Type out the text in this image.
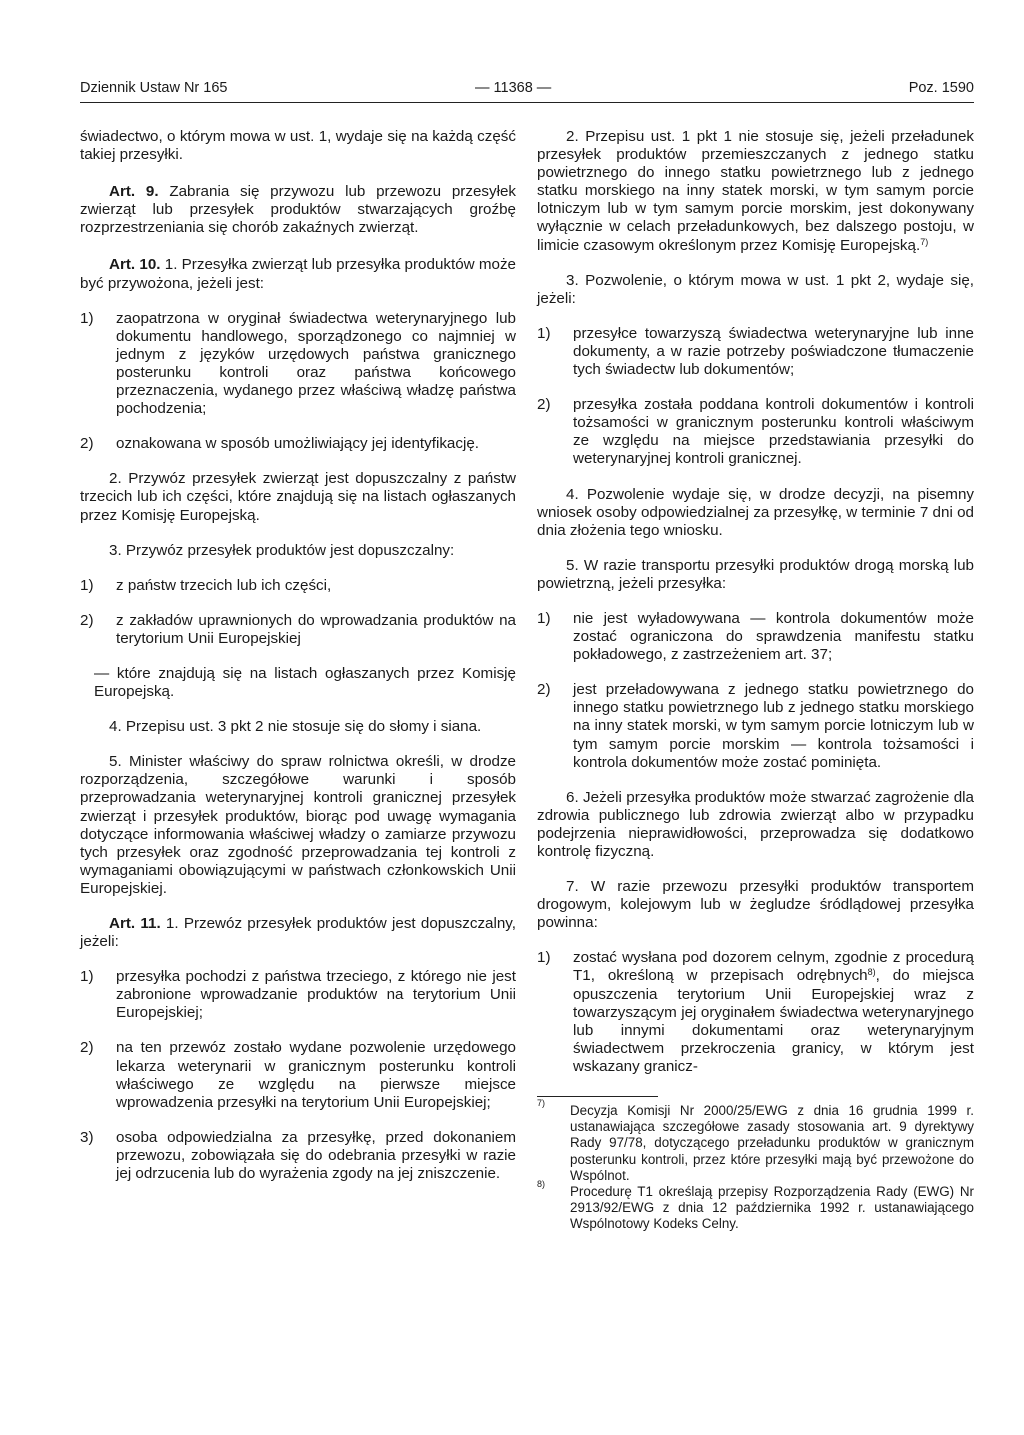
Dziennik Ustaw Nr 165	— 11368 —	Poz. 1590

świadectwo, o którym mowa w ust. 1, wydaje się na każdą część takiej przesyłki.

Art. 9. Zabrania się przywozu lub przewozu przesyłek zwierząt lub przesyłek produktów stwarzających groźbę rozprzestrzeniania się chorób zakaźnych zwierząt.

Art. 10. 1. Przesyłka zwierząt lub przesyłka produktów może być przywożona, jeżeli jest:

1) zaopatrzona w oryginał świadectwa weterynaryjnego lub dokumentu handlowego, sporządzonego co najmniej w jednym z języków urzędowych państwa granicznego posterunku kontroli oraz państwa końcowego przeznaczenia, wydanego przez właściwą władzę państwa pochodzenia;
2) oznakowana w sposób umożliwiający jej identyfikację.

2. Przywóz przesyłek zwierząt jest dopuszczalny z państw trzecich lub ich części, które znajdują się na listach ogłaszanych przez Komisję Europejską.

3. Przywóz przesyłek produktów jest dopuszczalny:

1) z państw trzecich lub ich części,
2) z zakładów uprawnionych do wprowadzania produktów na terytorium Unii Europejskiej

— które znajdują się na listach ogłaszanych przez Komisję Europejską.

4. Przepisu ust. 3 pkt 2 nie stosuje się do słomy i siana.

5. Minister właściwy do spraw rolnictwa określi, w drodze rozporządzenia, szczegółowe warunki i sposób przeprowadzania weterynaryjnej kontroli granicznej przesyłek zwierząt i przesyłek produktów, biorąc pod uwagę wymagania dotyczące informowania właściwej władzy o zamiarze przywozu tych przesyłek oraz zgodność przeprowadzania tej kontroli z wymaganiami obowiązującymi w państwach członkowskich Unii Europejskiej.

Art. 11. 1. Przewóz przesyłek produktów jest dopuszczalny, jeżeli:

1) przesyłka pochodzi z państwa trzeciego, z którego nie jest zabronione wprowadzanie produktów na terytorium Unii Europejskiej;
2) na ten przewóz zostało wydane pozwolenie urzędowego lekarza weterynarii w granicznym posterunku kontroli właściwego ze względu na pierwsze miejsce wprowadzenia przesyłki na terytorium Unii Europejskiej;
3) osoba odpowiedzialna za przesyłkę, przed dokonaniem przewozu, zobowiązała się do odebrania przesyłki w razie jej odrzucenia lub do wyrażenia zgody na jej zniszczenie.

2. Przepisu ust. 1 pkt 1 nie stosuje się, jeżeli przeładunek przesyłek produktów przemieszczanych z jednego statku powietrznego do innego statku powietrznego lub z jednego statku morskiego na inny statek morski, w tym samym porcie lotniczym lub w tym samym porcie morskim, jest dokonywany wyłącznie w celach przeładunkowych, bez dalszego postoju, w limicie czasowym określonym przez Komisję Europejską.$^{7)}$

3. Pozwolenie, o którym mowa w ust. 1 pkt 2, wydaje się, jeżeli:

1) przesyłce towarzyszą świadectwa weterynaryjne lub inne dokumenty, a w razie potrzeby poświadczone tłumaczenie tych świadectw lub dokumentów;
2) przesyłka została poddana kontroli dokumentów i kontroli tożsamości w granicznym posterunku kontroli właściwym ze względu na miejsce przedstawiania przesyłki do weterynaryjnej kontroli granicznej.

4. Pozwolenie wydaje się, w drodze decyzji, na pisemny wniosek osoby odpowiedzialnej za przesyłkę, w terminie 7 dni od dnia złożenia tego wniosku.

5. W razie transportu przesyłki produktów drogą morską lub powietrzną, jeżeli przesyłka:

1) nie jest wyładowywana — kontrola dokumentów może zostać ograniczona do sprawdzenia manifestu statku pokładowego, z zastrzeżeniem art. 37;
2) jest przeładowywana z jednego statku powietrznego do innego statku powietrznego lub z jednego statku morskiego na inny statek morski, w tym samym porcie lotniczym lub w tym samym porcie morskim — kontrola tożsamości i kontrola dokumentów może zostać pominięta.

6. Jeżeli przesyłka produktów może stwarzać zagrożenie dla zdrowia publicznego lub zdrowia zwierząt albo w przypadku podejrzenia nieprawidłowości, przeprowadza się dodatkowo kontrolę fizyczną.

7. W razie przewozu przesyłki produktów transportem drogowym, kolejowym lub w żegludze śródlądowej przesyłka powinna:

1) zostać wysłana pod dozorem celnym, zgodnie z procedurą T1, określoną w przepisach odrębnych$^{8)}$, do miejsca opuszczenia terytorium Unii Europejskiej wraz z towarzyszącym jej oryginałem świadectwa weterynaryjnego lub innymi dokumentami oraz weterynaryjnym świadectwem przekroczenia granicy, w którym jest wskazany granicz-
7) Decyzja Komisji Nr 2000/25/EWG z dnia 16 grudnia 1999 r. ustanawiająca szczegółowe zasady stosowania art. 9 dyrektywy Rady 97/78, dotyczącego przeładunku produktów w granicznym posterunku kontroli, przez które przesyłki mają być przewożone do Wspólnot.
8) Procedurę T1 określają przepisy Rozporządzenia Rady (EWG) Nr 2913/92/EWG z dnia 12 października 1992 r. ustanawiającego Wspólnotowy Kodeks Celny.
